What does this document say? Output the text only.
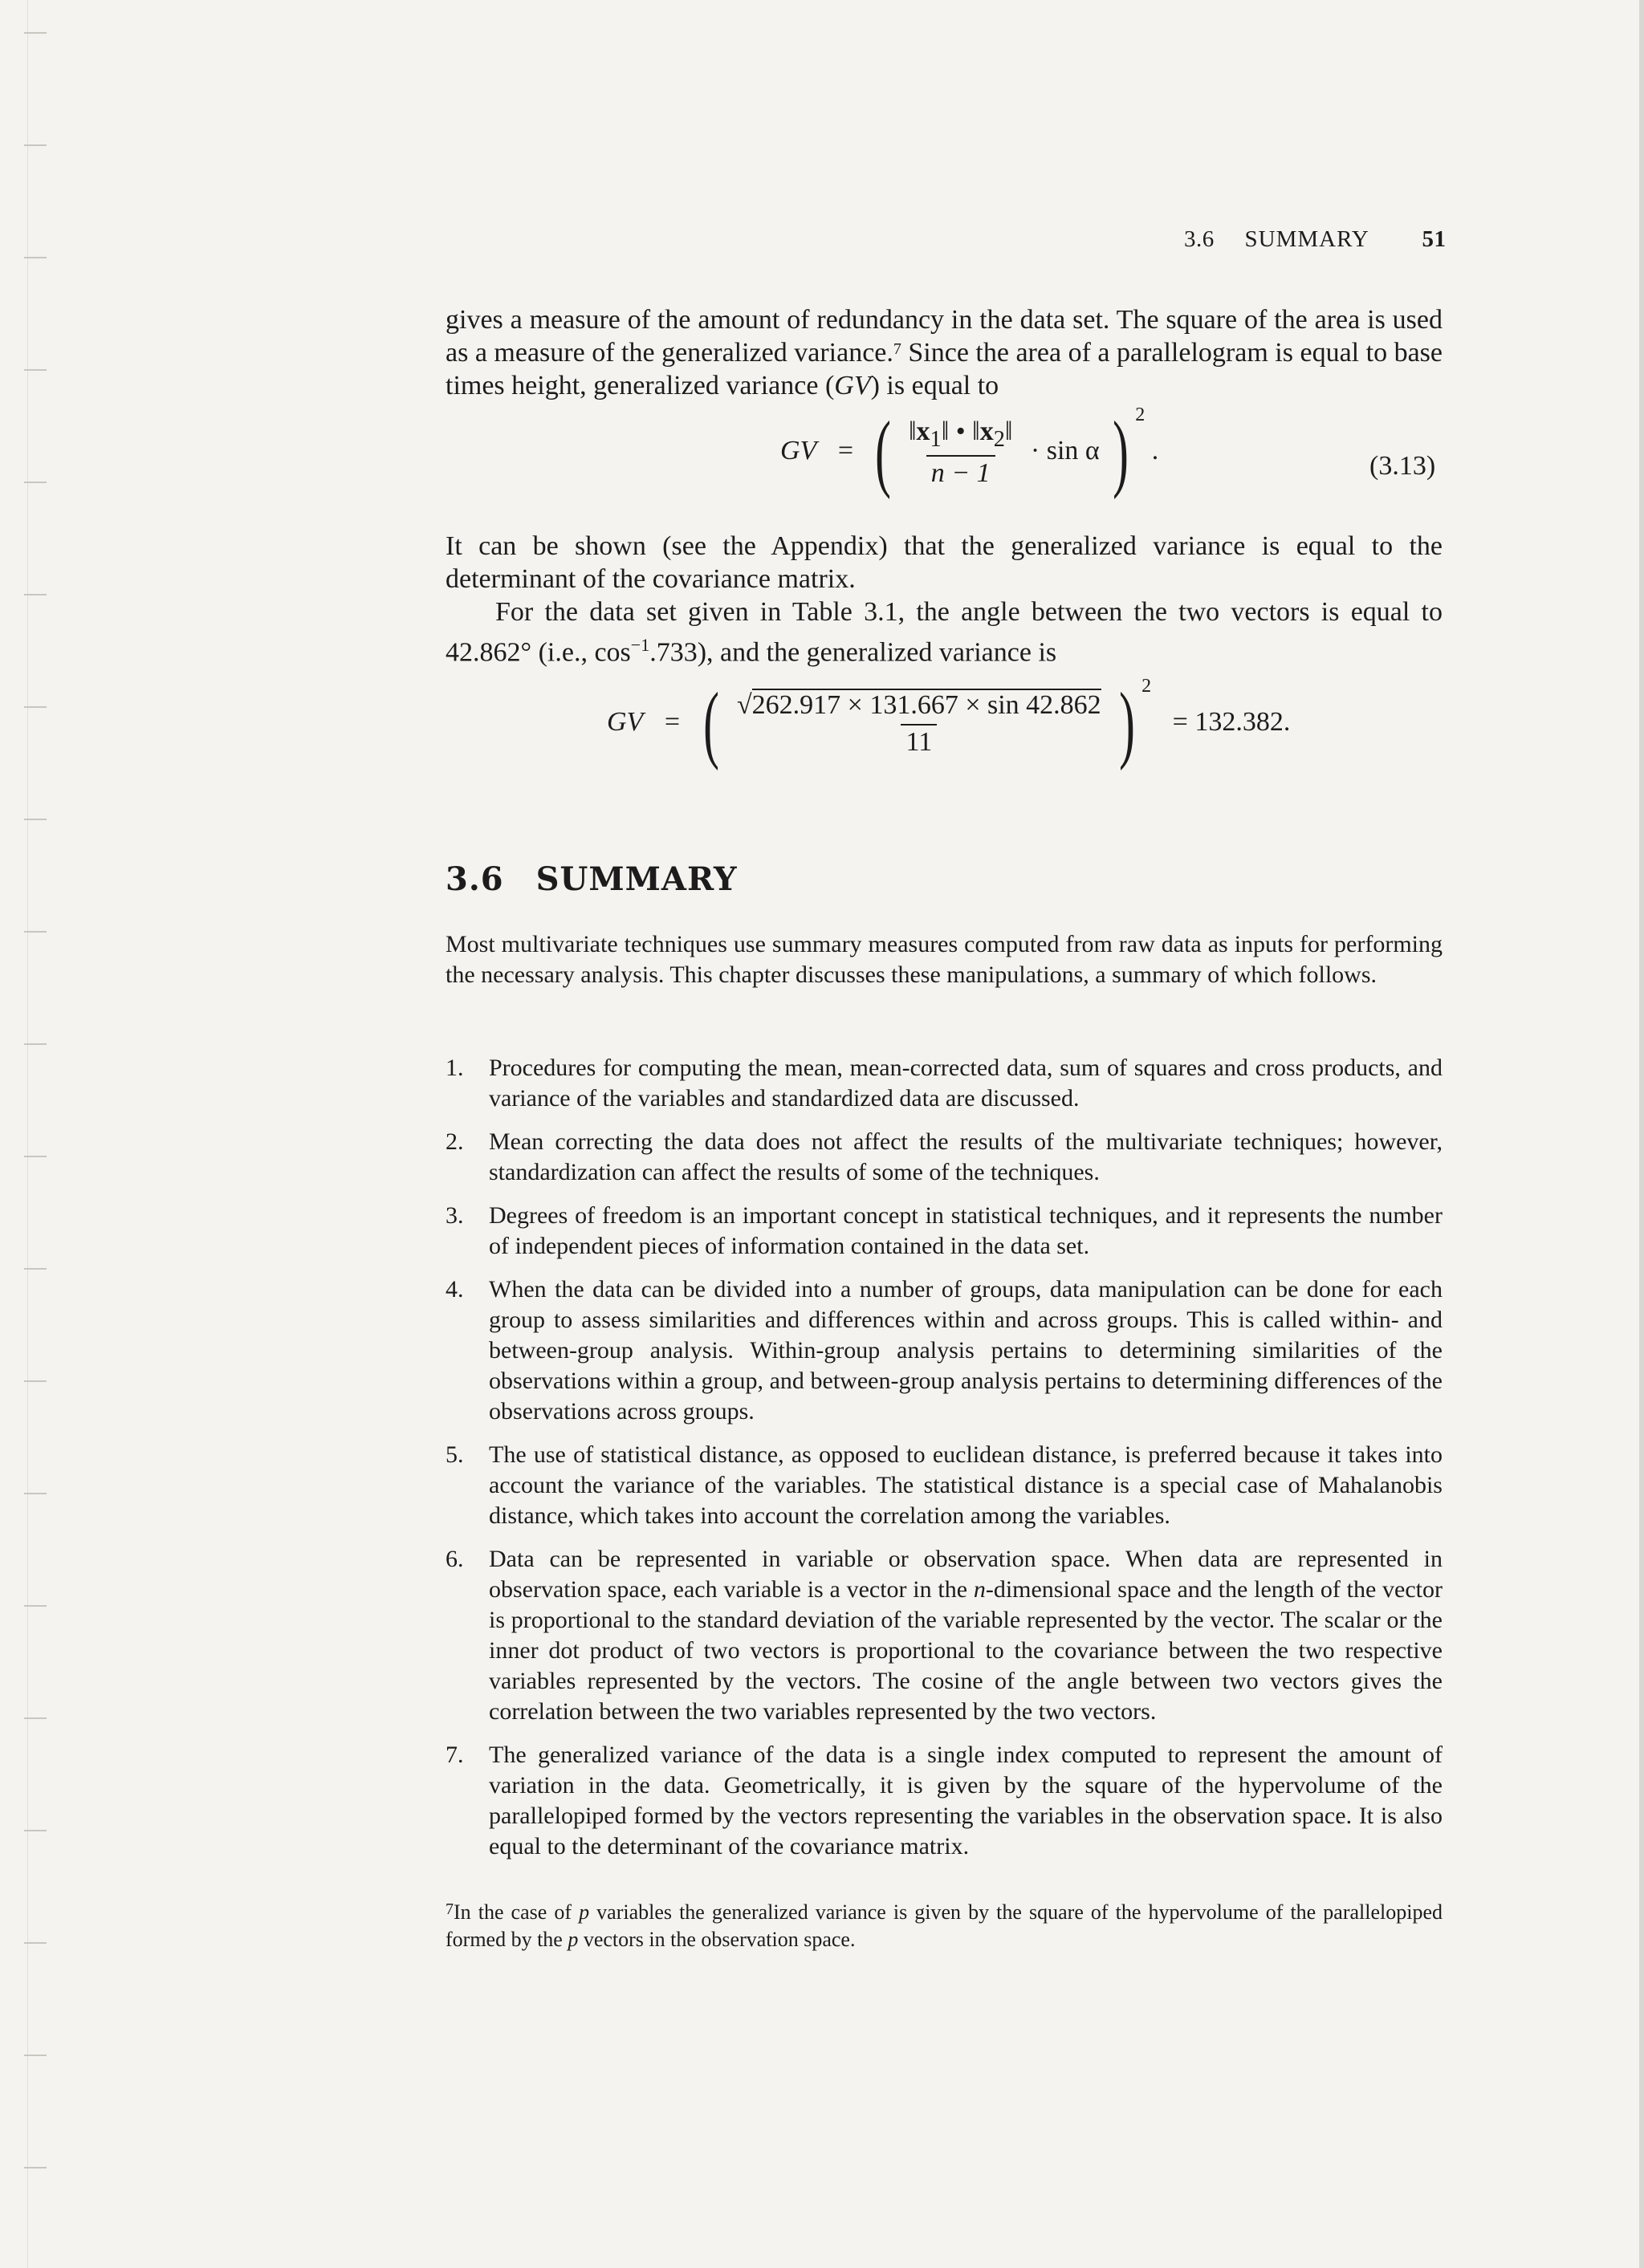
3.6 SUMMARY 51

gives a measure of the amount of redundancy in the data set. The square of the area is used as a measure of the generalized variance.$^7$ Since the area of a parallelogram is equal to base times height, generalized variance (GV) is equal to

GV = ( $\frac{‖x_1‖ • ‖x_2‖}{n - 1} \cdot \sin \alpha$ ) $^2$ .
(3.13)

It can be shown (see the Appendix) that the generalized variance is equal to the determinant of the covariance matrix.

For the data set given in Table 3.1, the angle between the two vectors is equal to 42.862° (i.e., $\cos^{-1}.733$), and the generalized variance is

GV = ( $\frac{√262.917 \times 131.667 \times \sin 42.862}{11}$ ) $^2$ = 132.382.
3.6 SUMMARY
Most multivariate techniques use summary measures computed from raw data as inputs for performing the necessary analysis. This chapter discusses these manipulations, a summary of which follows.
1. Procedures for computing the mean, mean-corrected data, sum of squares and cross products, and variance of the variables and standardized data are discussed.
2. Mean correcting the data does not affect the results of the multivariate techniques; however, standardization can affect the results of some of the techniques.
3. Degrees of freedom is an important concept in statistical techniques, and it represents the number of independent pieces of information contained in the data set.
4. When the data can be divided into a number of groups, data manipulation can be done for each group to assess similarities and differences within and across groups. This is called within- and between-group analysis. Within-group analysis pertains to determining similarities of the observations within a group, and between-group analysis pertains to determining differences of the observations across groups.
5. The use of statistical distance, as opposed to euclidean distance, is preferred because it takes into account the variance of the variables. The statistical distance is a special case of Mahalanobis distance, which takes into account the correlation among the variables.
6. Data can be represented in variable or observation space. When data are represented in observation space, each variable is a vector in the n-dimensional space and the length of the vector is proportional to the standard deviation of the variable represented by the vector. The scalar or the inner dot product of two vectors is proportional to the covariance between the two respective variables represented by the vectors. The cosine of the angle between two vectors gives the correlation between the two variables represented by the two vectors.
7. The generalized variance of the data is a single index computed to represent the amount of variation in the data. Geometrically, it is given by the square of the hypervolume of the parallelopiped formed by the vectors representing the variables in the observation space. It is also equal to the determinant of the covariance matrix.
$^7$In the case of p variables the generalized variance is given by the square of the hypervolume of the parallelopiped formed by the p vectors in the observation space.
